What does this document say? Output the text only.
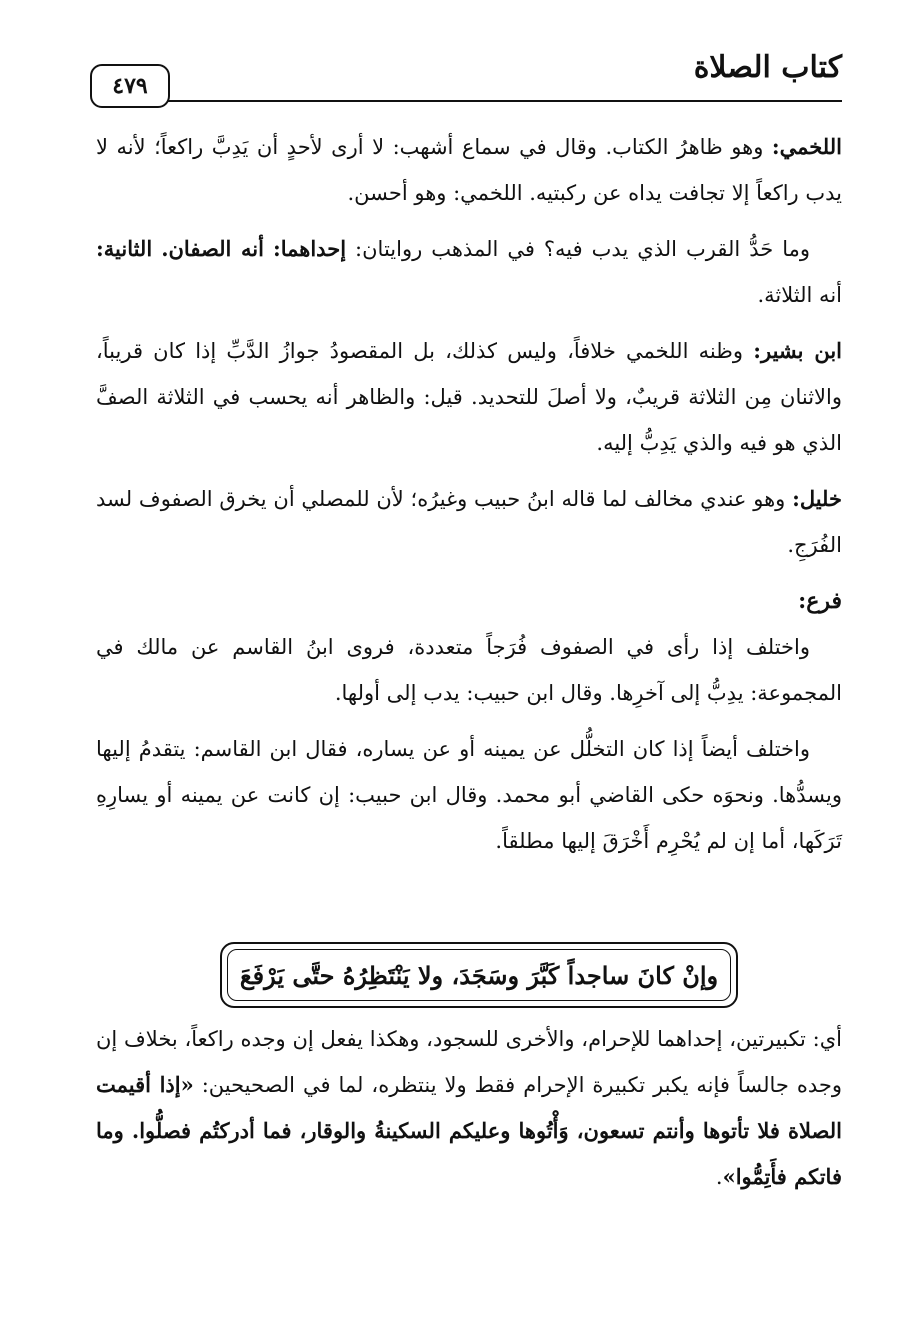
كتاب الصلاة
٤٧٩

اللخمي: وهو ظاهرُ الكتاب. وقال في سماع أشهب: لا أرى لأحدٍ أن يَدِبَّ راكعاً؛ لأنه لا يدب راكعاً إلا تجافت يداه عن ركبتيه. اللخمي: وهو أحسن.

وما حَدُّ القرب الذي يدب فيه؟ في المذهب روايتان: إحداهما: أنه الصفان. الثانية: أنه الثلاثة.

ابن بشير: وظنه اللخمي خلافاً، وليس كذلك، بل المقصودُ جوازُ الدَّبِّ إذا كان قريباً، والاثنان مِن الثلاثة قريبٌ، ولا أصلَ للتحديد. قيل: والظاهر أنه يحسب في الثلاثة الصفَّ الذي هو فيه والذي يَدِبُّ إليه.

خليل: وهو عندي مخالف لما قاله ابنُ حبيب وغيرُه؛ لأن للمصلي أن يخرق الصفوف لسد الفُرَجِ.

فرع:

واختلف إذا رأى في الصفوف فُرَجاً متعددة، فروى ابنُ القاسم عن مالك في المجموعة: يدِبُّ إلى آخرِها. وقال ابن حبيب: يدب إلى أولها.

واختلف أيضاً إذا كان التخلُّل عن يمينه أو عن يساره، فقال ابن القاسم: يتقدمُ إليها ويسدُّها. ونحوَه حكى القاضي أبو محمد. وقال ابن حبيب: إن كانت عن يمينه أو يسارِهِ تَرَكَها، أما إن لم يُحْرِم أَخْرَقَ إليها مطلقاً.

وإنْ كانَ ساجداً كَبَّرَ وسَجَدَ، ولا يَنْتَظِرُهُ حتَّى يَرْفَعَ

أي: تكبيرتين، إحداهما للإحرام، والأخرى للسجود، وهكذا يفعل إن وجده راكعاً، بخلاف إن وجده جالساً فإنه يكبر تكبيرة الإحرام فقط ولا ينتظره، لما في الصحيحين: «إذا أقيمت الصلاة فلا تأتوها وأنتم تسعون، وَأْتُوها وعليكم السكينةُ والوقار، فما أدركتُم فصلُّوا. وما فاتكم فأَتِمُّوا».
